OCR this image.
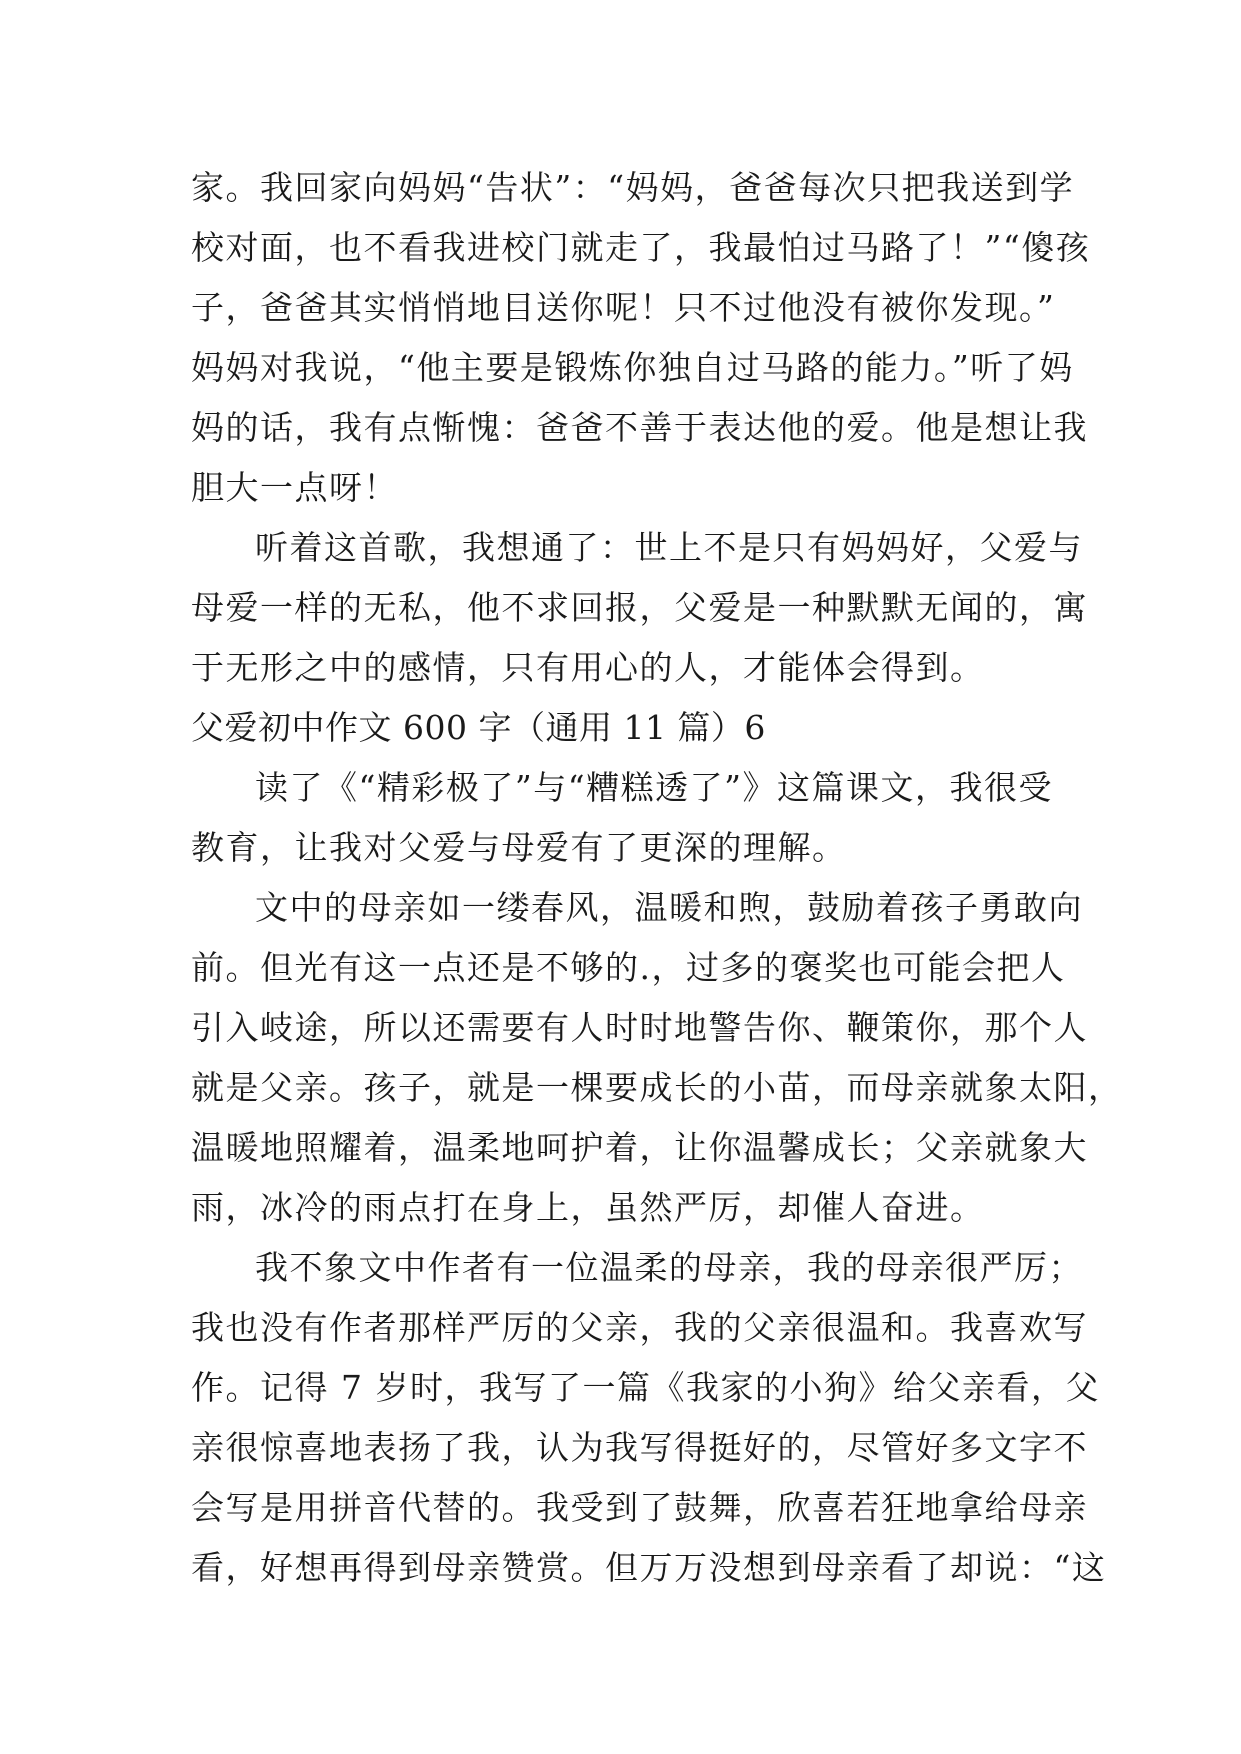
家。我回家向妈妈“告状”：“妈妈，爸爸每次只把我送到学
校对面，也不看我进校门就走了，我最怕过马路了！”“傻孩
子，爸爸其实悄悄地目送你呢！只不过他没有被你发现。”
妈妈对我说，“他主要是锻炼你独自过马路的能力。”听了妈
妈的话，我有点惭愧：爸爸不善于表达他的爱。他是想让我
胆大一点呀！
听着这首歌，我想通了：世上不是只有妈妈好，父爱与
母爱一样的无私，他不求回报，父爱是一种默默无闻的，寓
于无形之中的感情，只有用心的人，才能体会得到。
父爱初中作文 600 字（通用 11 篇）6
读了《“精彩极了”与“糟糕透了”》这篇课文，我很受
教育，让我对父爱与母爱有了更深的理解。
文中的母亲如一缕春风，温暖和煦，鼓励着孩子勇敢向
前。但光有这一点还是不够的.，过多的褒奖也可能会把人
引入岐途，所以还需要有人时时地警告你、鞭策你，那个人
就是父亲。孩子，就是一棵要成长的小苗，而母亲就象太阳，
温暖地照耀着，温柔地呵护着，让你温馨成长；父亲就象大
雨，冰冷的雨点打在身上，虽然严厉，却催人奋进。
我不象文中作者有一位温柔的母亲，我的母亲很严厉；
我也没有作者那样严厉的父亲，我的父亲很温和。我喜欢写
作。记得 7 岁时，我写了一篇《我家的小狗》给父亲看，父
亲很惊喜地表扬了我，认为我写得挺好的，尽管好多文字不
会写是用拼音代替的。我受到了鼓舞，欣喜若狂地拿给母亲
看，好想再得到母亲赞赏。但万万没想到母亲看了却说：“这
